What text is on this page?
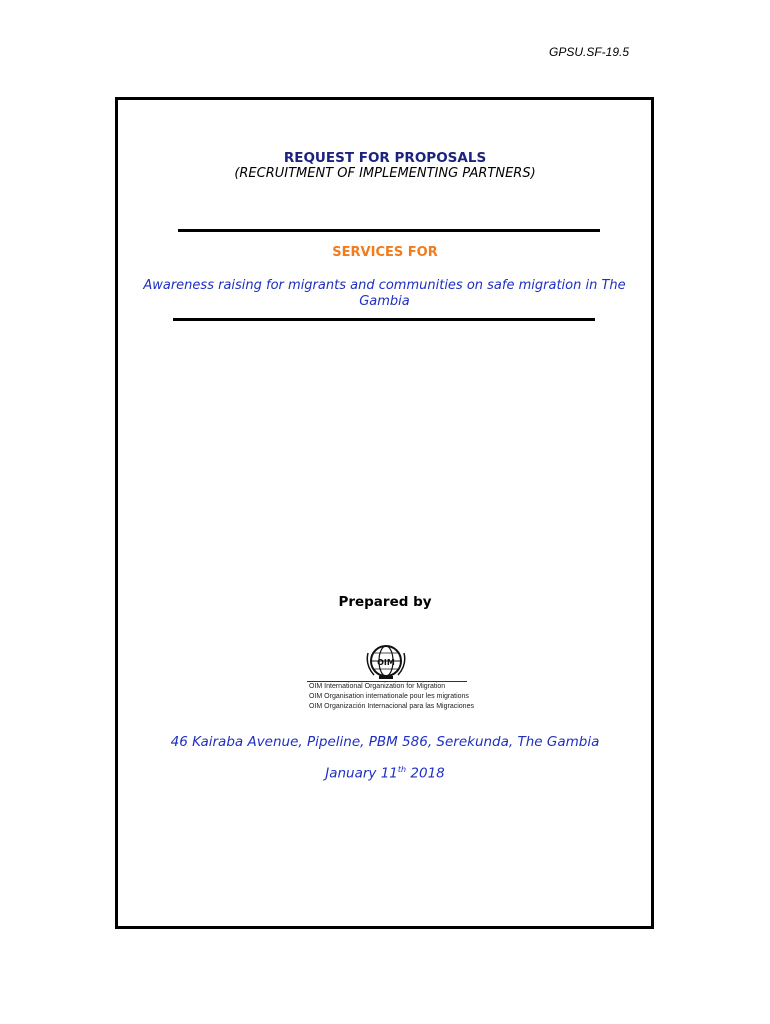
GPSU.SF-19.5
REQUEST FOR PROPOSALS
(RECRUITMENT OF IMPLEMENTING PARTNERS)
SERVICES FOR
Awareness raising for migrants and communities on safe migration in The Gambia
Prepared by
OIM
OIM International Organization for Migration
OIM Organisation internationale pour les migrations
OIM Organización Internacional para las Migraciones
46 Kairaba Avenue, Pipeline, PBM 586, Serekunda, The Gambia
January 11th 2018
